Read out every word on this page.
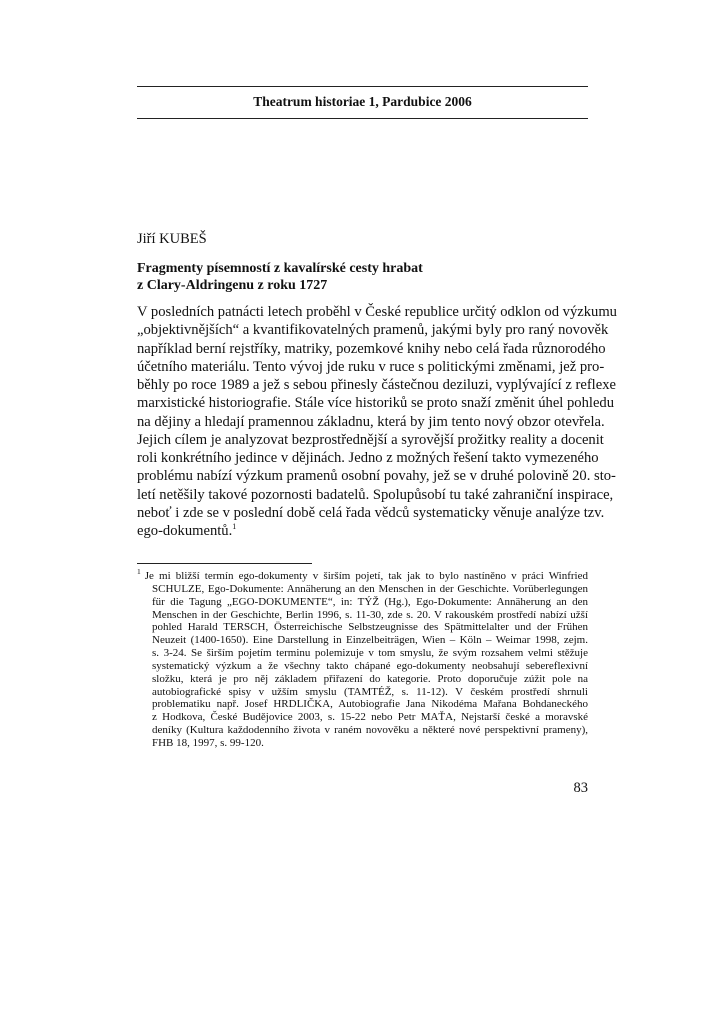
Theatrum historiae 1, Pardubice 2006
Jiří KUBEŠ
Fragmenty písemností z kavalírské cesty hrabat
z Clary-Aldringenu z roku 1727
V posledních patnácti letech proběhl v České republice určitý odklon od výzkumu
„objektivnějších“ a kvantifikovatelných pramenů, jakými byly pro raný novověk
například berní rejstříky, matriky, pozemkové knihy nebo celá řada různorodého
účetního materiálu. Tento vývoj jde ruku v ruce s politickými změnami, jež pro-
běhly po roce 1989 a jež s sebou přinesly částečnou deziluzi, vyplývající z reflexe
marxistické historiografie. Stále více historiků se proto snaží změnit úhel pohledu
na dějiny a hledají pramennou základnu, která by jim tento nový obzor otevřela.
Jejich cílem je analyzovat bezprostřednější a syrovější prožitky reality a docenit
roli konkrétního jedince v dějinách. Jedno z možných řešení takto vymezeného
problému nabízí výzkum pramenů osobní povahy, jež se v druhé polovině 20. sto-
letí netěšily takové pozornosti badatelů. Spolupůsobí tu také zahraniční inspirace,
neboť i zde se v poslední době celá řada vědců systematicky věnuje analýze tzv.
ego-dokumentů.$^1$
$^1$ Je mi bližší termín ego-dokumenty v širším pojetí, tak jak to bylo nastíněno v práci Winfried
SCHULZE, Ego-Dokumente: Annäherung an den Menschen in der Geschichte. Vorüberlegungen
für die Tagung „EGO-DOKUMENTE“, in: TÝŽ (Hg.), Ego-Dokumente: Annäherung an den
Menschen in der Geschichte, Berlin 1996, s. 11-30, zde s. 20. V rakouském prostředí nabízí užší
pohled Harald TERSCH, Österreichische Selbstzeugnisse des Spätmittelalter und der Frühen
Neuzeit (1400-1650). Eine Darstellung in Einzelbeiträgen, Wien – Köln – Weimar 1998, zejm.
s. 3-24. Se širším pojetím terminu polemizuje v tom smyslu, že svým rozsahem velmi stěžuje
systematický výzkum a že všechny takto chápané ego-dokumenty neobsahují sebereflexivní
složku, která je pro něj základem přiřazení do kategorie. Proto doporučuje zúžit pole na
autobiografické spisy v užším smyslu (TAMTÉŽ, s. 11-12). V českém prostředí shrnuli
problematiku např. Josef HRDLIČKA, Autobiografie Jana Nikodéma Mařana Bohdaneckého
z Hodkova, České Budějovice 2003, s. 15-22 nebo Petr MAŤA, Nejstarší české a moravské
deníky (Kultura každodenního života v raném novověku a některé nové perspektivní prameny),
FHB 18, 1997, s. 99-120.
83
